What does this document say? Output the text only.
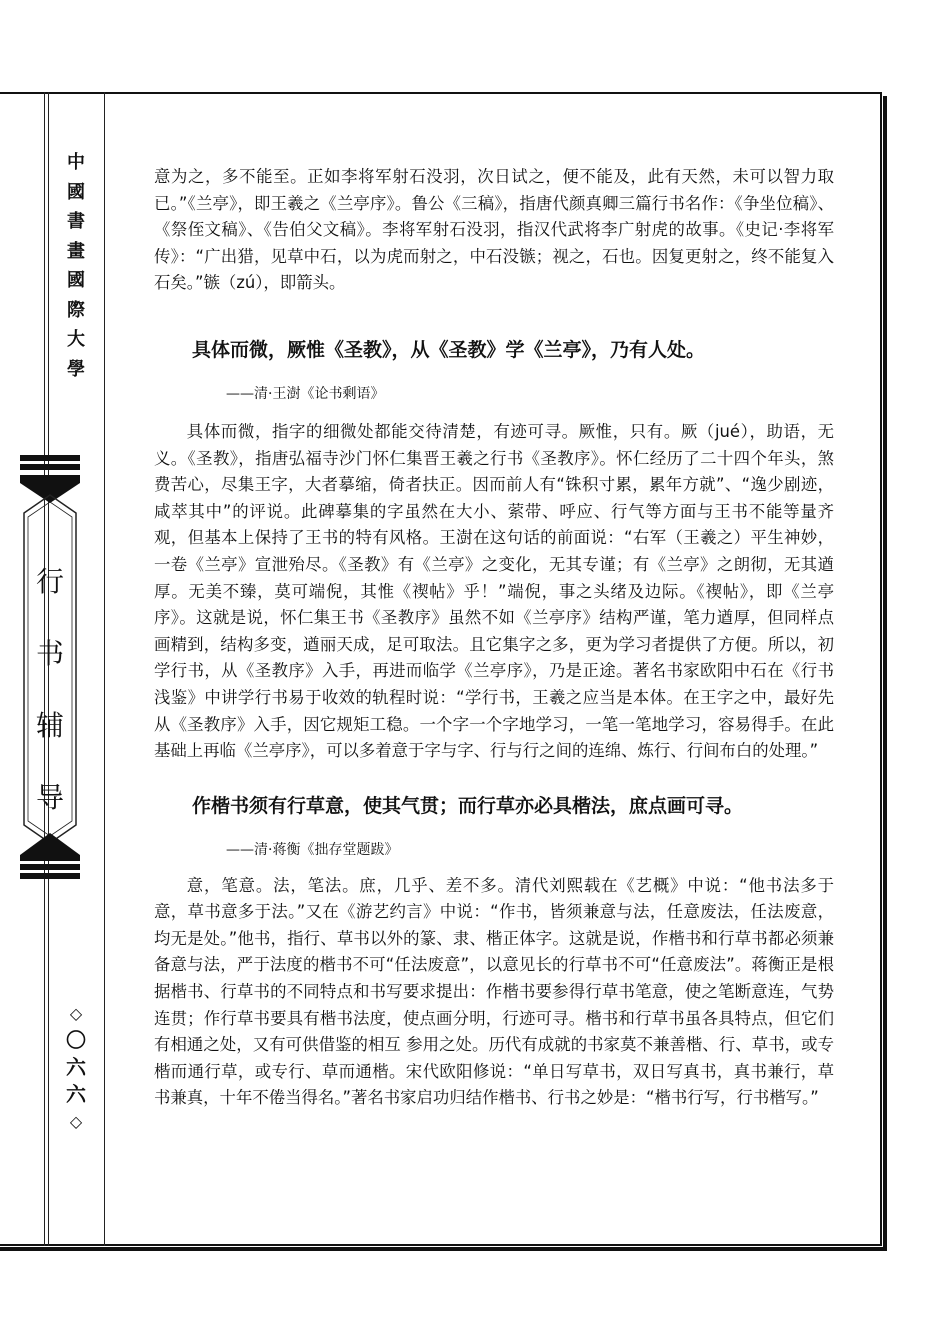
中
國
書
畫
國
際
大
學
行
书
辅
导
◇
〇
六
六
◇

意为之，多不能至。正如李将军射石没羽，次日试之，便不能及，此有天然，未可以智力取已。”《兰亭》，即王羲之《兰亭序》。鲁公《三稿》，指唐代颜真卿三篇行书名作：《争坐位稿》、《祭侄文稿》、《告伯父文稿》。李将军射石没羽，指汉代武将李广射虎的故事。《史记·李将军传》：“广出猎，见草中石，以为虎而射之，中石没镞；视之，石也。因复更射之，终不能复入石矣。”镞（zú），即箭头。

具体而微，厥惟《圣教》，从《圣教》学《兰亭》，乃有人处。

——清·王澍《论书剩语》

具体而微，指字的细微处都能交待清楚，有迹可寻。厥惟，只有。厥（jué），助语，无义。《圣教》，指唐弘福寺沙门怀仁集晋王羲之行书《圣教序》。怀仁经历了二十四个年头，煞费苦心，尽集王字，大者摹缩，倚者扶正。因而前人有“铢积寸累，累年方就”、“逸少剧迹，咸萃其中”的评说。此碑摹集的字虽然在大小、萦带、呼应、行气等方面与王书不能等量齐观，但基本上保持了王书的特有风格。王澍在这句话的前面说：“右军（王羲之）平生神妙，一卷《兰亭》宣泄殆尽。《圣教》有《兰亭》之变化，无其专谨；有《兰亭》之朗彻，无其遒厚。无美不臻，莫可端倪，其惟《禊帖》乎！”端倪，事之头绪及边际。《禊帖》，即《兰亭序》。这就是说，怀仁集王书《圣教序》虽然不如《兰亭序》结构严谨，笔力遒厚，但同样点画精到，结构多变，遒丽天成，足可取法。且它集字之多，更为学习者提供了方便。所以，初学行书，从《圣教序》入手，再进而临学《兰亭序》，乃是正途。著名书家欧阳中石在《行书浅鉴》中讲学行书易于收效的轨程时说：“学行书，王羲之应当是本体。在王字之中，最好先从《圣教序》入手，因它规矩工稳。一个字一个字地学习，一笔一笔地学习，容易得手。在此基础上再临《兰亭序》，可以多着意于字与字、行与行之间的连绵、炼行、行间布白的处理。”

作楷书须有行草意，使其气贯；而行草亦必具楷法，庶点画可寻。

——清·蒋衡《拙存堂题跋》

意，笔意。法，笔法。庶，几乎、差不多。清代刘熙载在《艺概》中说：“他书法多于意，草书意多于法。”又在《游艺约言》中说：“作书，皆须兼意与法，任意废法，任法废意，均无是处。”他书，指行、草书以外的篆、隶、楷正体字。这就是说，作楷书和行草书都必须兼备意与法，严于法度的楷书不可“任法废意”，以意见长的行草书不可“任意废法”。蒋衡正是根据楷书、行草书的不同特点和书写要求提出：作楷书要参得行草书笔意，使之笔断意连，气势连贯；作行草书要具有楷书法度，使点画分明，行迹可寻。楷书和行草书虽各具特点，但它们有相通之处，又有可供借鉴的相互 参用之处。历代有成就的书家莫不兼善楷、行、草书，或专楷而通行草，或专行、草而通楷。宋代欧阳修说：“单日写草书，双日写真书，真书兼行，草书兼真，十年不倦当得名。”著名书家启功归结作楷书、行书之妙是：“楷书行写，行书楷写。”
